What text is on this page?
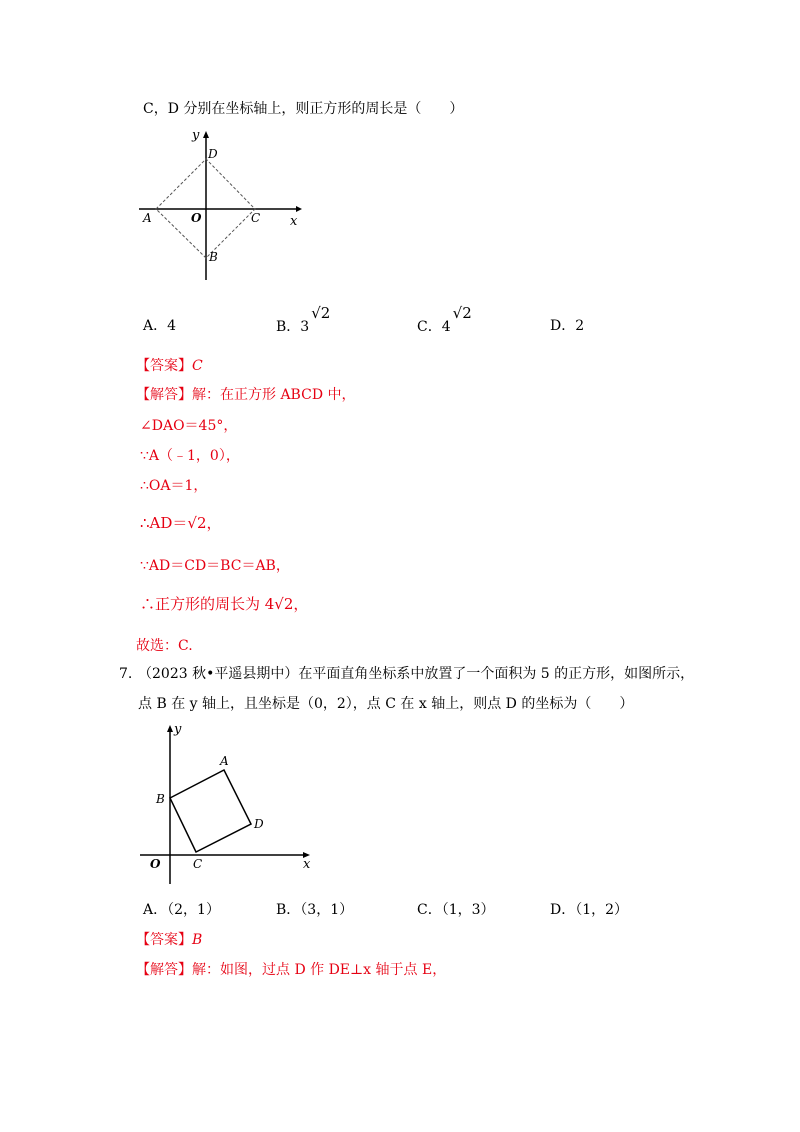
C，D 分别在坐标轴上，则正方形的周长是（　　）
y
x
D
A	O	C
B
A．4	B．3√2
C．4√2
D．2
【答案】C
【解答】解：在正方形 ABCD 中，
∠DAO＝45°，
∵A（﹣1，0），
∴OA＝1，
∴AD＝√2，
∵AD＝CD＝BC＝AB，
∴正方形的周长为 4√2，
故选：C.
7. （2023 秋•平遥县期中）在平面直角坐标系中放置了一个面积为 5 的正方形，如图所示，
点 B 在 y 轴上，且坐标是（0，2），点 C 在 x 轴上，则点 D 的坐标为（　　）
y
x
A
B
D
O	C
A．（2，1）	B．（3，1）	C．（1，3）	D．（1，2）
【答案】B
【解答】解：如图，过点 D 作 DE⊥x 轴于点 E，
